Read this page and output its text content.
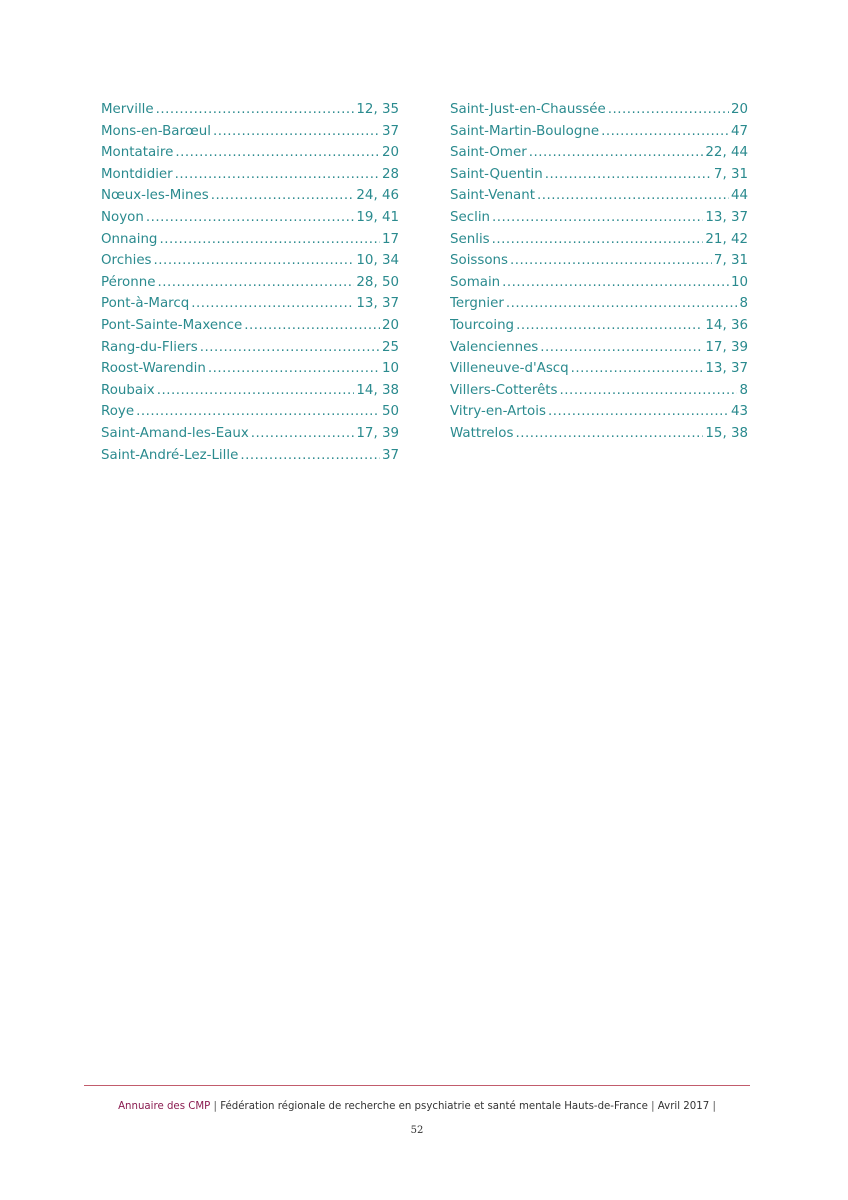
Merville .....	12, 35
Mons-en-Barœul .....	37
Montataire .....	20
Montdidier .....	28
Nœux-les-Mines .....	24, 46
Noyon .....	19, 41
Onnaing .....	17
Orchies .....	10, 34
Péronne .....	28, 50
Pont-à-Marcq .....	13, 37
Pont-Sainte-Maxence .....	20
Rang-du-Fliers .....	25
Roost-Warendin .....	10
Roubaix .....	14, 38
Roye .....	50
Saint-Amand-les-Eaux .....	17, 39
Saint-André-Lez-Lille .....	37
Saint-Just-en-Chaussée .....	20
Saint-Martin-Boulogne .....	47
Saint-Omer .....	22, 44
Saint-Quentin .....	7, 31
Saint-Venant .....	44
Seclin .....	13, 37
Senlis .....	21, 42
Soissons .....	7, 31
Somain .....	10
Tergnier .....	8
Tourcoing .....	14, 36
Valenciennes .....	17, 39
Villeneuve-d'Ascq .....	13, 37
Villers-Cotterêts .....	8
Vitry-en-Artois .....	43
Wattrelos .....	15, 38
Annuaire des CMP | Fédération régionale de recherche en psychiatrie et santé mentale Hauts-de-France | Avril 2017 |
52
